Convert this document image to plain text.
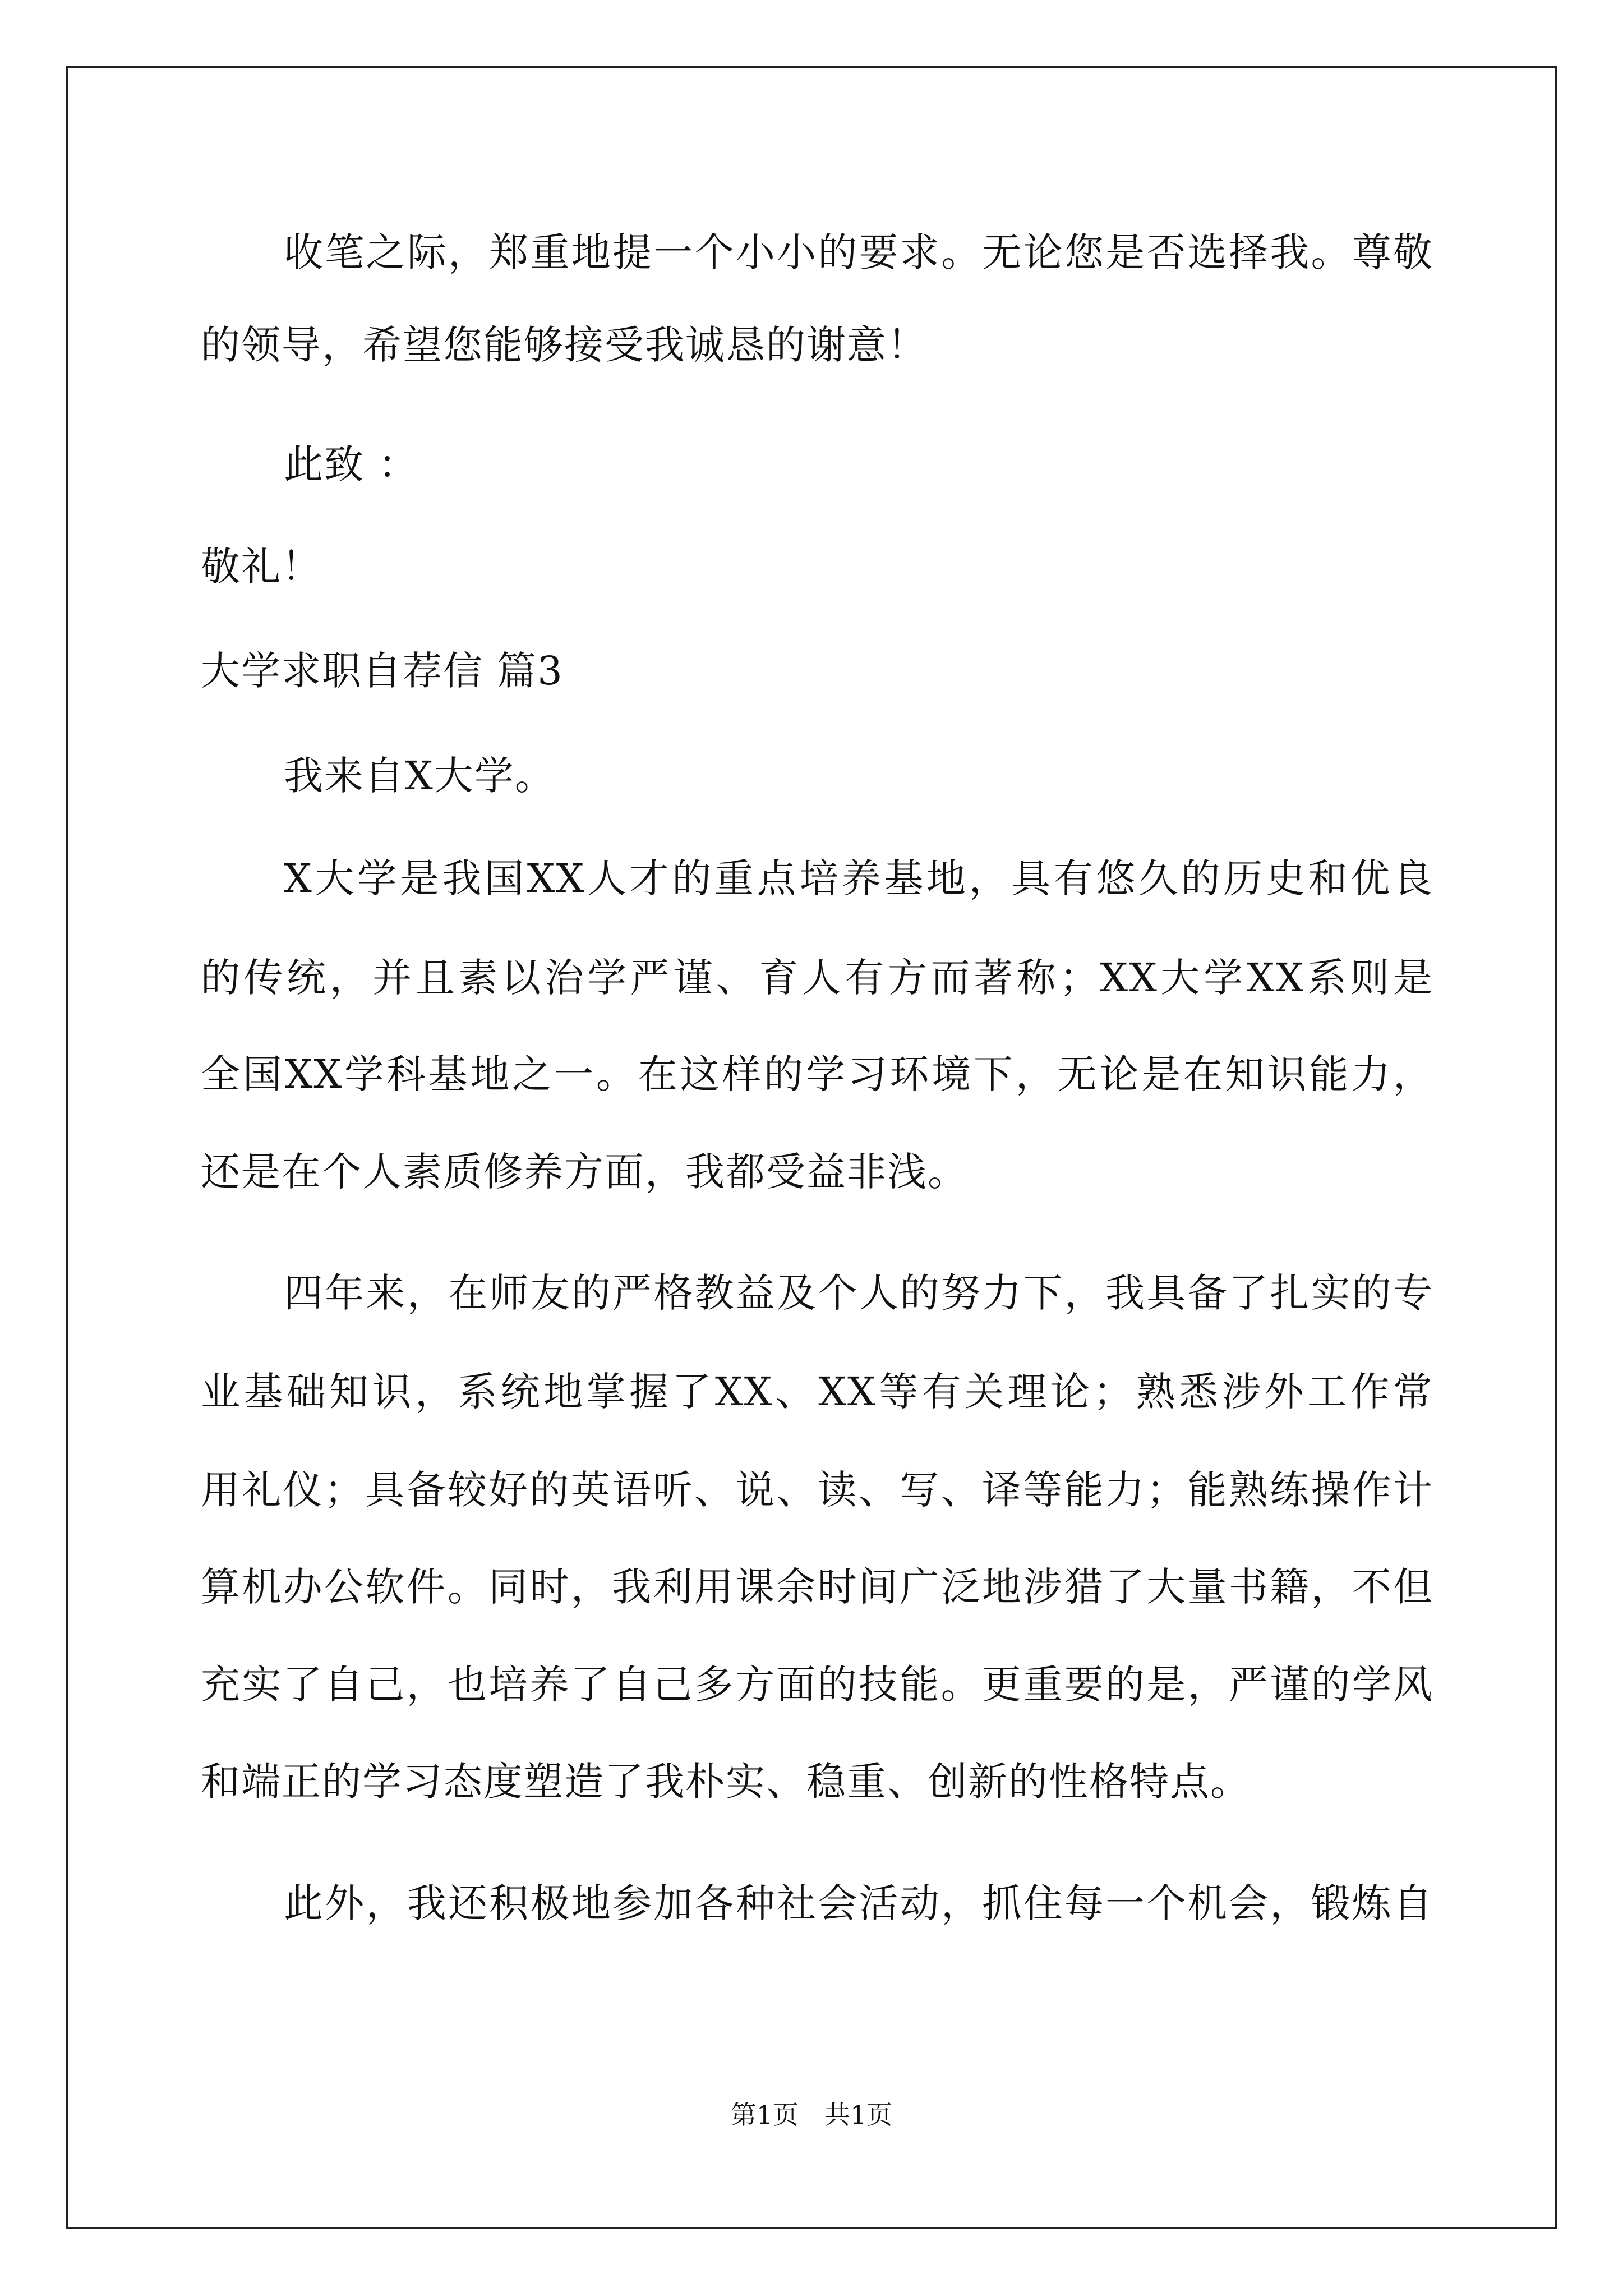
收笔之际，郑重地提一个小小的要求。无论您是否选择我。尊敬
的领导，希望您能够接受我诚恳的谢意！
此致 ：
敬礼！
大学求职自荐信 篇3
我来自X大学。
X大学是我国XX人才的重点培养基地，具有悠久的历史和优良
的传统，并且素以治学严谨、育人有方而著称；XX大学XX系则是
全国XX学科基地之一。在这样的学习环境下，无论是在知识能力，
还是在个人素质修养方面，我都受益非浅。
四年来，在师友的严格教益及个人的努力下，我具备了扎实的专
业基础知识，系统地掌握了XX、XX等有关理论；熟悉涉外工作常
用礼仪；具备较好的英语听、说、读、写、译等能力；能熟练操作计
算机办公软件。同时，我利用课余时间广泛地涉猎了大量书籍，不但
充实了自己，也培养了自己多方面的技能。更重要的是，严谨的学风
和端正的学习态度塑造了我朴实、稳重、创新的性格特点。
此外，我还积极地参加各种社会活动，抓住每一个机会，锻炼自
第1页　共1页
